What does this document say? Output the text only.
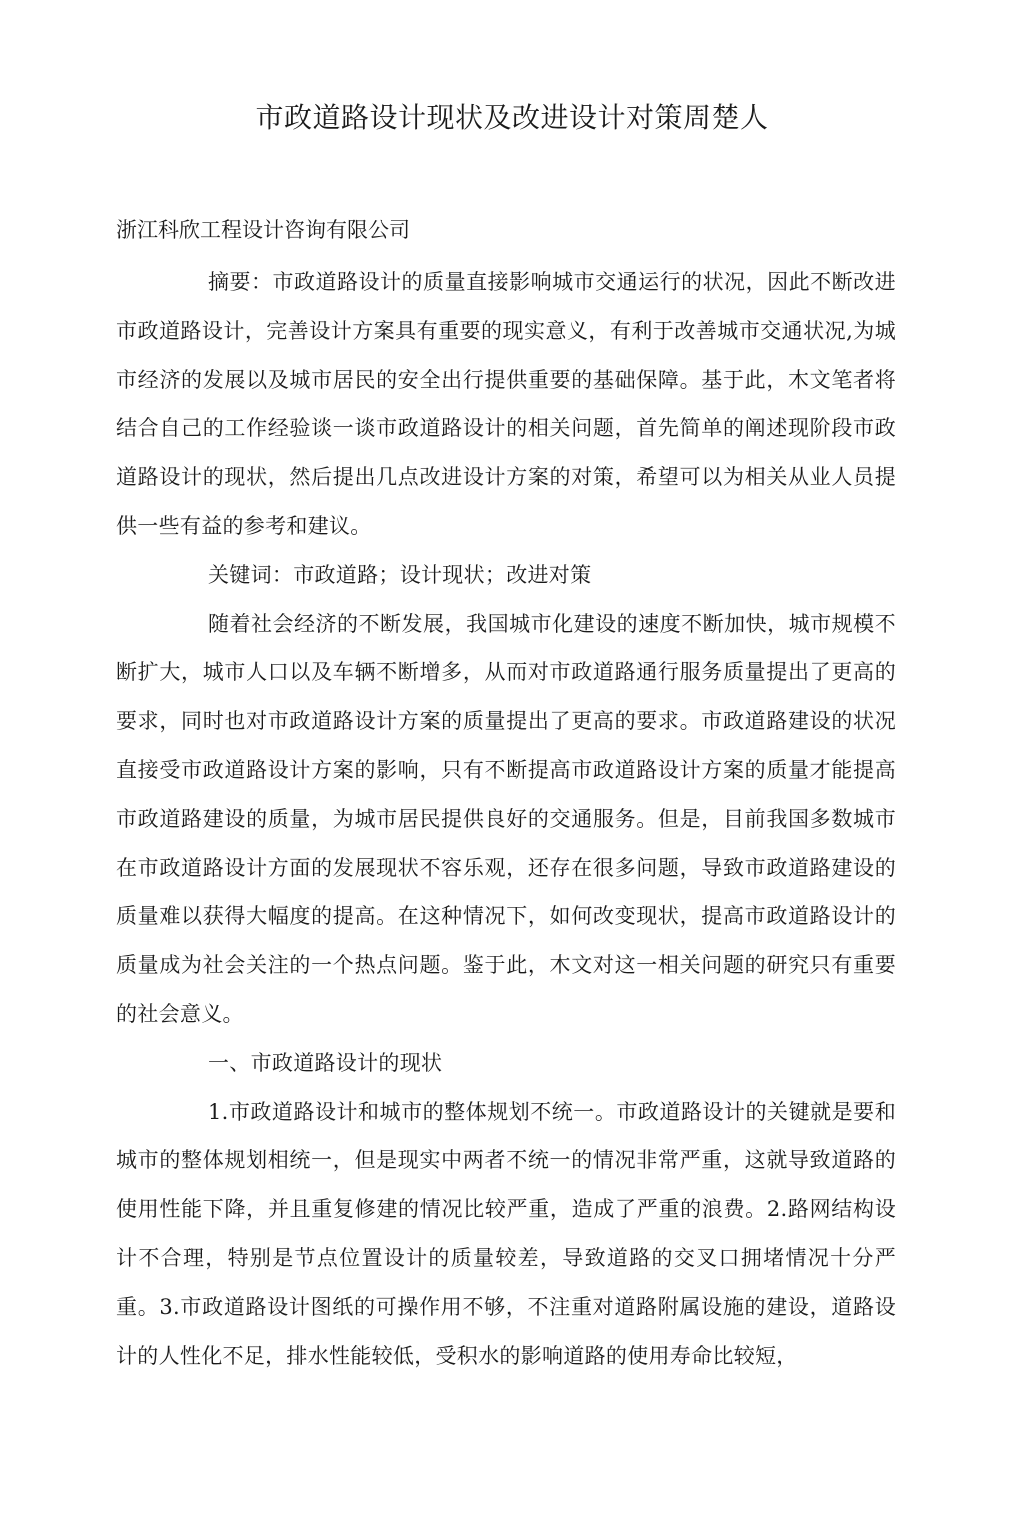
市政道路设计现状及改进设计对策周楚人

浙江科欣工程设计咨询有限公司

摘要：市政道路设计的质量直接影响城市交通运行的状况，因此不断改进市政道路设计，完善设计方案具有重要的现实意义，有利于改善城市交通状况,为城市经济的发展以及城市居民的安全出行提供重要的基础保障。基于此，木文笔者将结合自己的工作经验谈一谈市政道路设计的相关问题，首先简单的阐述现阶段市政道路设计的现状，然后提出几点改进设计方案的对策，希望可以为相关从业人员提供一些有益的参考和建议。

关键词：市政道路；设计现状；改进对策

随着社会经济的不断发展，我国城市化建设的速度不断加快，城市规模不断扩大，城市人口以及车辆不断增多，从而对市政道路通行服务质量提出了更高的要求，同时也对市政道路设计方案的质量提出了更高的要求。市政道路建设的状况直接受市政道路设计方案的影响，只有不断提高市政道路设计方案的质量才能提高市政道路建设的质量，为城市居民提供良好的交通服务。但是，目前我国多数城市在市政道路设计方面的发展现状不容乐观，还存在很多问题，导致市政道路建设的质量难以获得大幅度的提高。在这种情况下，如何改变现状，提高市政道路设计的质量成为社会关注的一个热点问题。鉴于此，木文对这一相关问题的研究只有重要的社会意义。

一、市政道路设计的现状

1.市政道路设计和城市的整体规划不统一。市政道路设计的关键就是要和城市的整体规划相统一，但是现实中两者不统一的情况非常严重，这就导致道路的使用性能下降，并且重复修建的情况比较严重，造成了严重的浪费。2.路网结构设计不合理，特别是节点位置设计的质量较差，导致道路的交叉口拥堵情况十分严重。3.市政道路设计图纸的可操作用不够，不注重对道路附属设施的建设，道路设计的人性化不足，排水性能较低，受积水的影响道路的使用寿命比较短，
